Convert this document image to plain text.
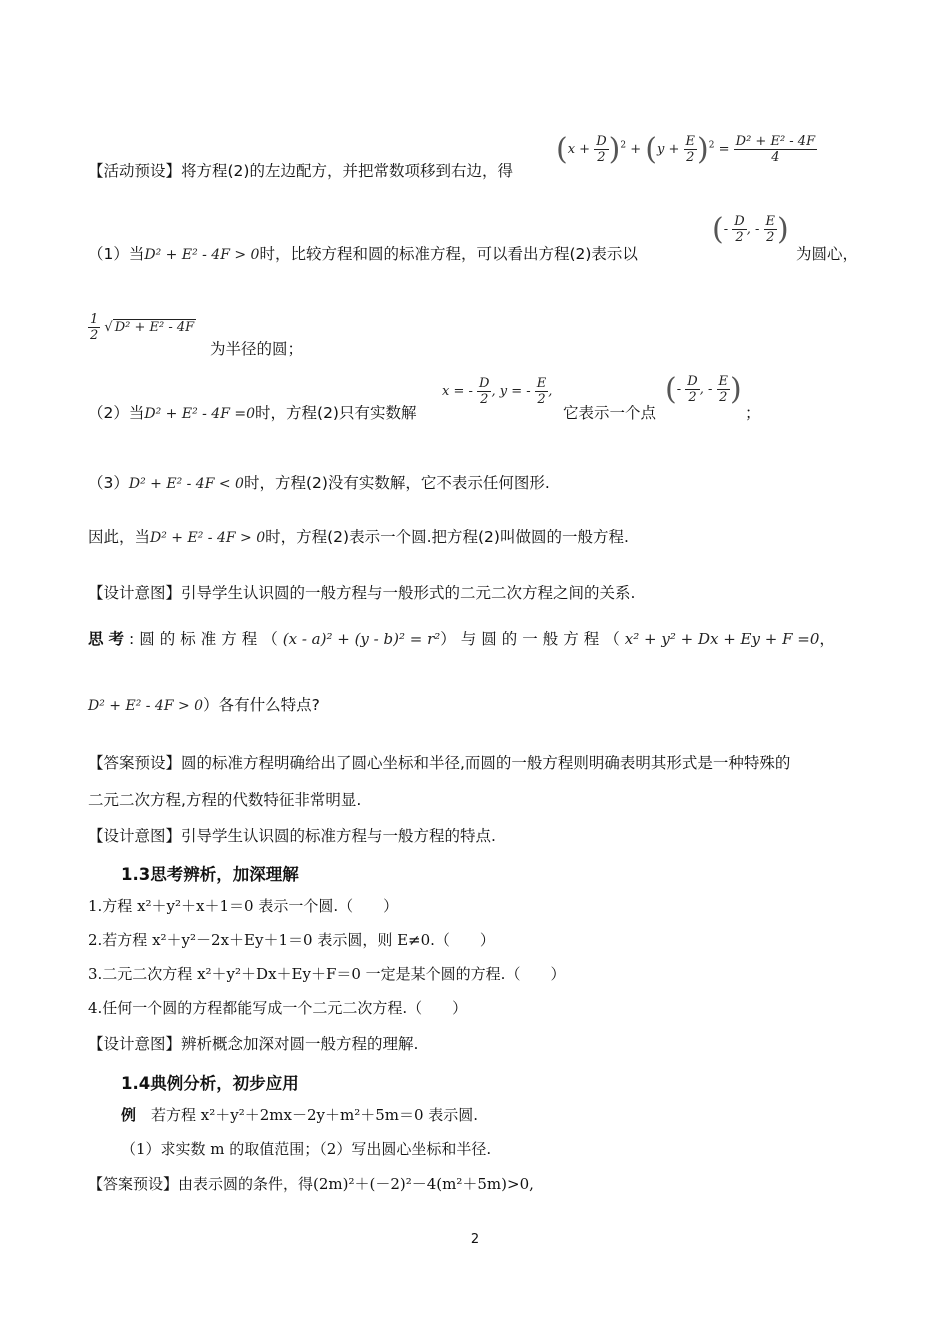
【活动预设】将方程(2)的左边配方，并把常数项移到右边，得
$(x + \frac{D}{2} )^2 + (y + \frac{E}{2} )^2 = \frac{\text{D² + E² - 4F}}{4}$
（1）当D² + E² - 4F > 0时，比较方程和圆的标准方程，可以看出方程(2)表示以
(- $\frac{D}{2}$ , - $\frac{E}{2}$ )
为圆心，
$\frac{1}{2}$ √ D² + E² - 4F
为半径的圆；
（2）当D² + E² - 4F =0时，方程(2)只有实数解
x = - $\frac{D}{2}$ , y = - $\frac{E}{2}$ ,
它表示一个点
(- $\frac{D}{2}$ , - $\frac{E}{2}$ )
；
（3）D² + E² - 4F < 0时，方程(2)没有实数解，它不表示任何图形.
因此，当D² + E² - 4F > 0时，方程(2)表示一个圆.把方程(2)叫做圆的一般方程.
【设计意图】引导学生认识圆的一般方程与一般形式的二元二次方程之间的关系.
思考:圆的标准方程（(x - a)² + (y - b)² = r²）与圆的一般方程（x² + y² + Dx + Ey + F =0，
D² + E² - 4F > 0）各有什么特点?
【答案预设】圆的标准方程明确给出了圆心坐标和半径,而圆的一般方程则明确表明其形式是一种特殊的
二元二次方程,方程的代数特征非常明显.
【设计意图】引导学生认识圆的标准方程与一般方程的特点.
1.3思考辨析，加深理解
1.方程 x²＋y²＋x＋1＝0 表示一个圆.（　　）
2.若方程 x²＋y²－2x＋Ey＋1＝0 表示圆，则 E≠0.（　　）
3.二元二次方程 x²＋y²＋Dx＋Ey＋F＝0 一定是某个圆的方程.（　　）
4.任何一个圆的方程都能写成一个二元二次方程.（　　）
【设计意图】辨析概念加深对圆一般方程的理解.
1.4典例分析，初步应用
例　若方程 x²＋y²＋2mx－2y＋m²＋5m＝0 表示圆.
（1）求实数 m 的取值范围；（2）写出圆心坐标和半径.
【答案预设】由表示圆的条件，得(2m)²＋(－2)²－4(m²＋5m)>0,
2
